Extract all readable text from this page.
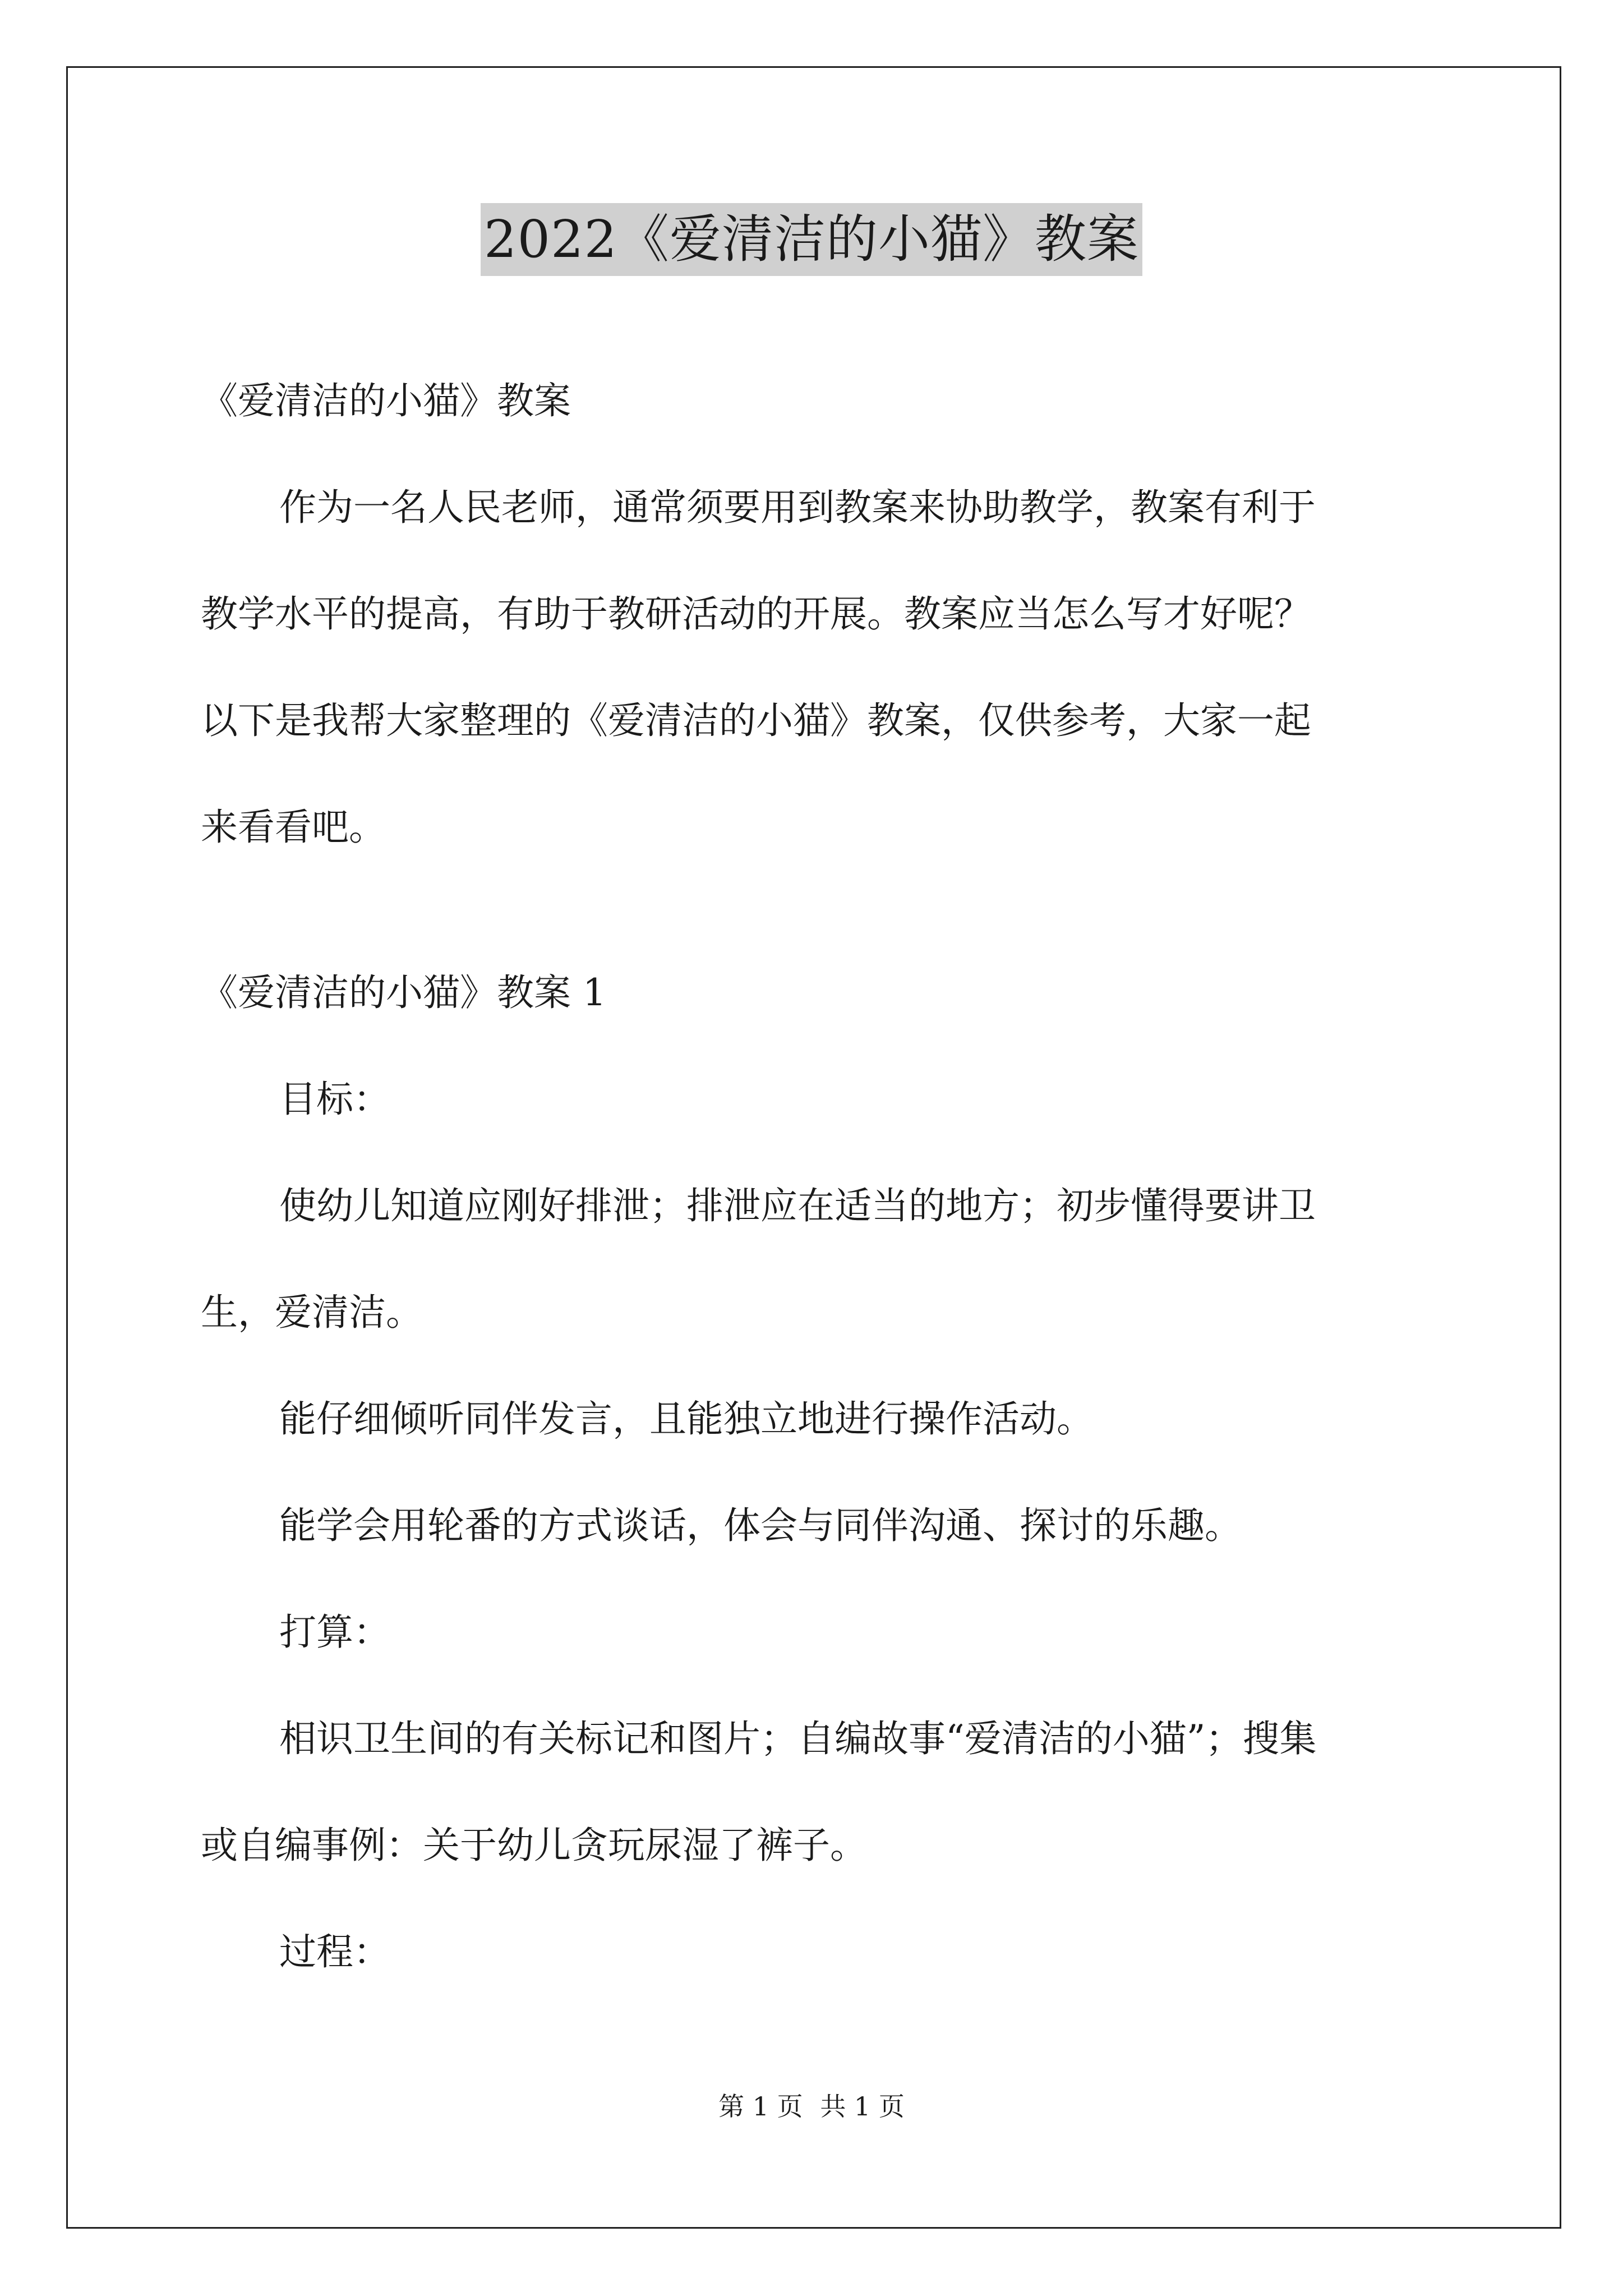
2022《爱清洁的小猫》教案

《爱清洁的小猫》教案

作为一名人民老师，通常须要用到教案来协助教学，教案有利于

教学水平的提高，有助于教研活动的开展。教案应当怎么写才好呢？

以下是我帮大家整理的《爱清洁的小猫》教案，仅供参考，大家一起

来看看吧。

《爱清洁的小猫》教案 1

目标：

使幼儿知道应刚好排泄；排泄应在适当的地方；初步懂得要讲卫

生，爱清洁。

能仔细倾听同伴发言，且能独立地进行操作活动。

能学会用轮番的方式谈话，体会与同伴沟通、探讨的乐趣。

打算：

相识卫生间的有关标记和图片；自编故事“爱清洁的小猫”；搜集

或自编事例：关于幼儿贪玩尿湿了裤子。

过程：

第 1 页 共 1 页
